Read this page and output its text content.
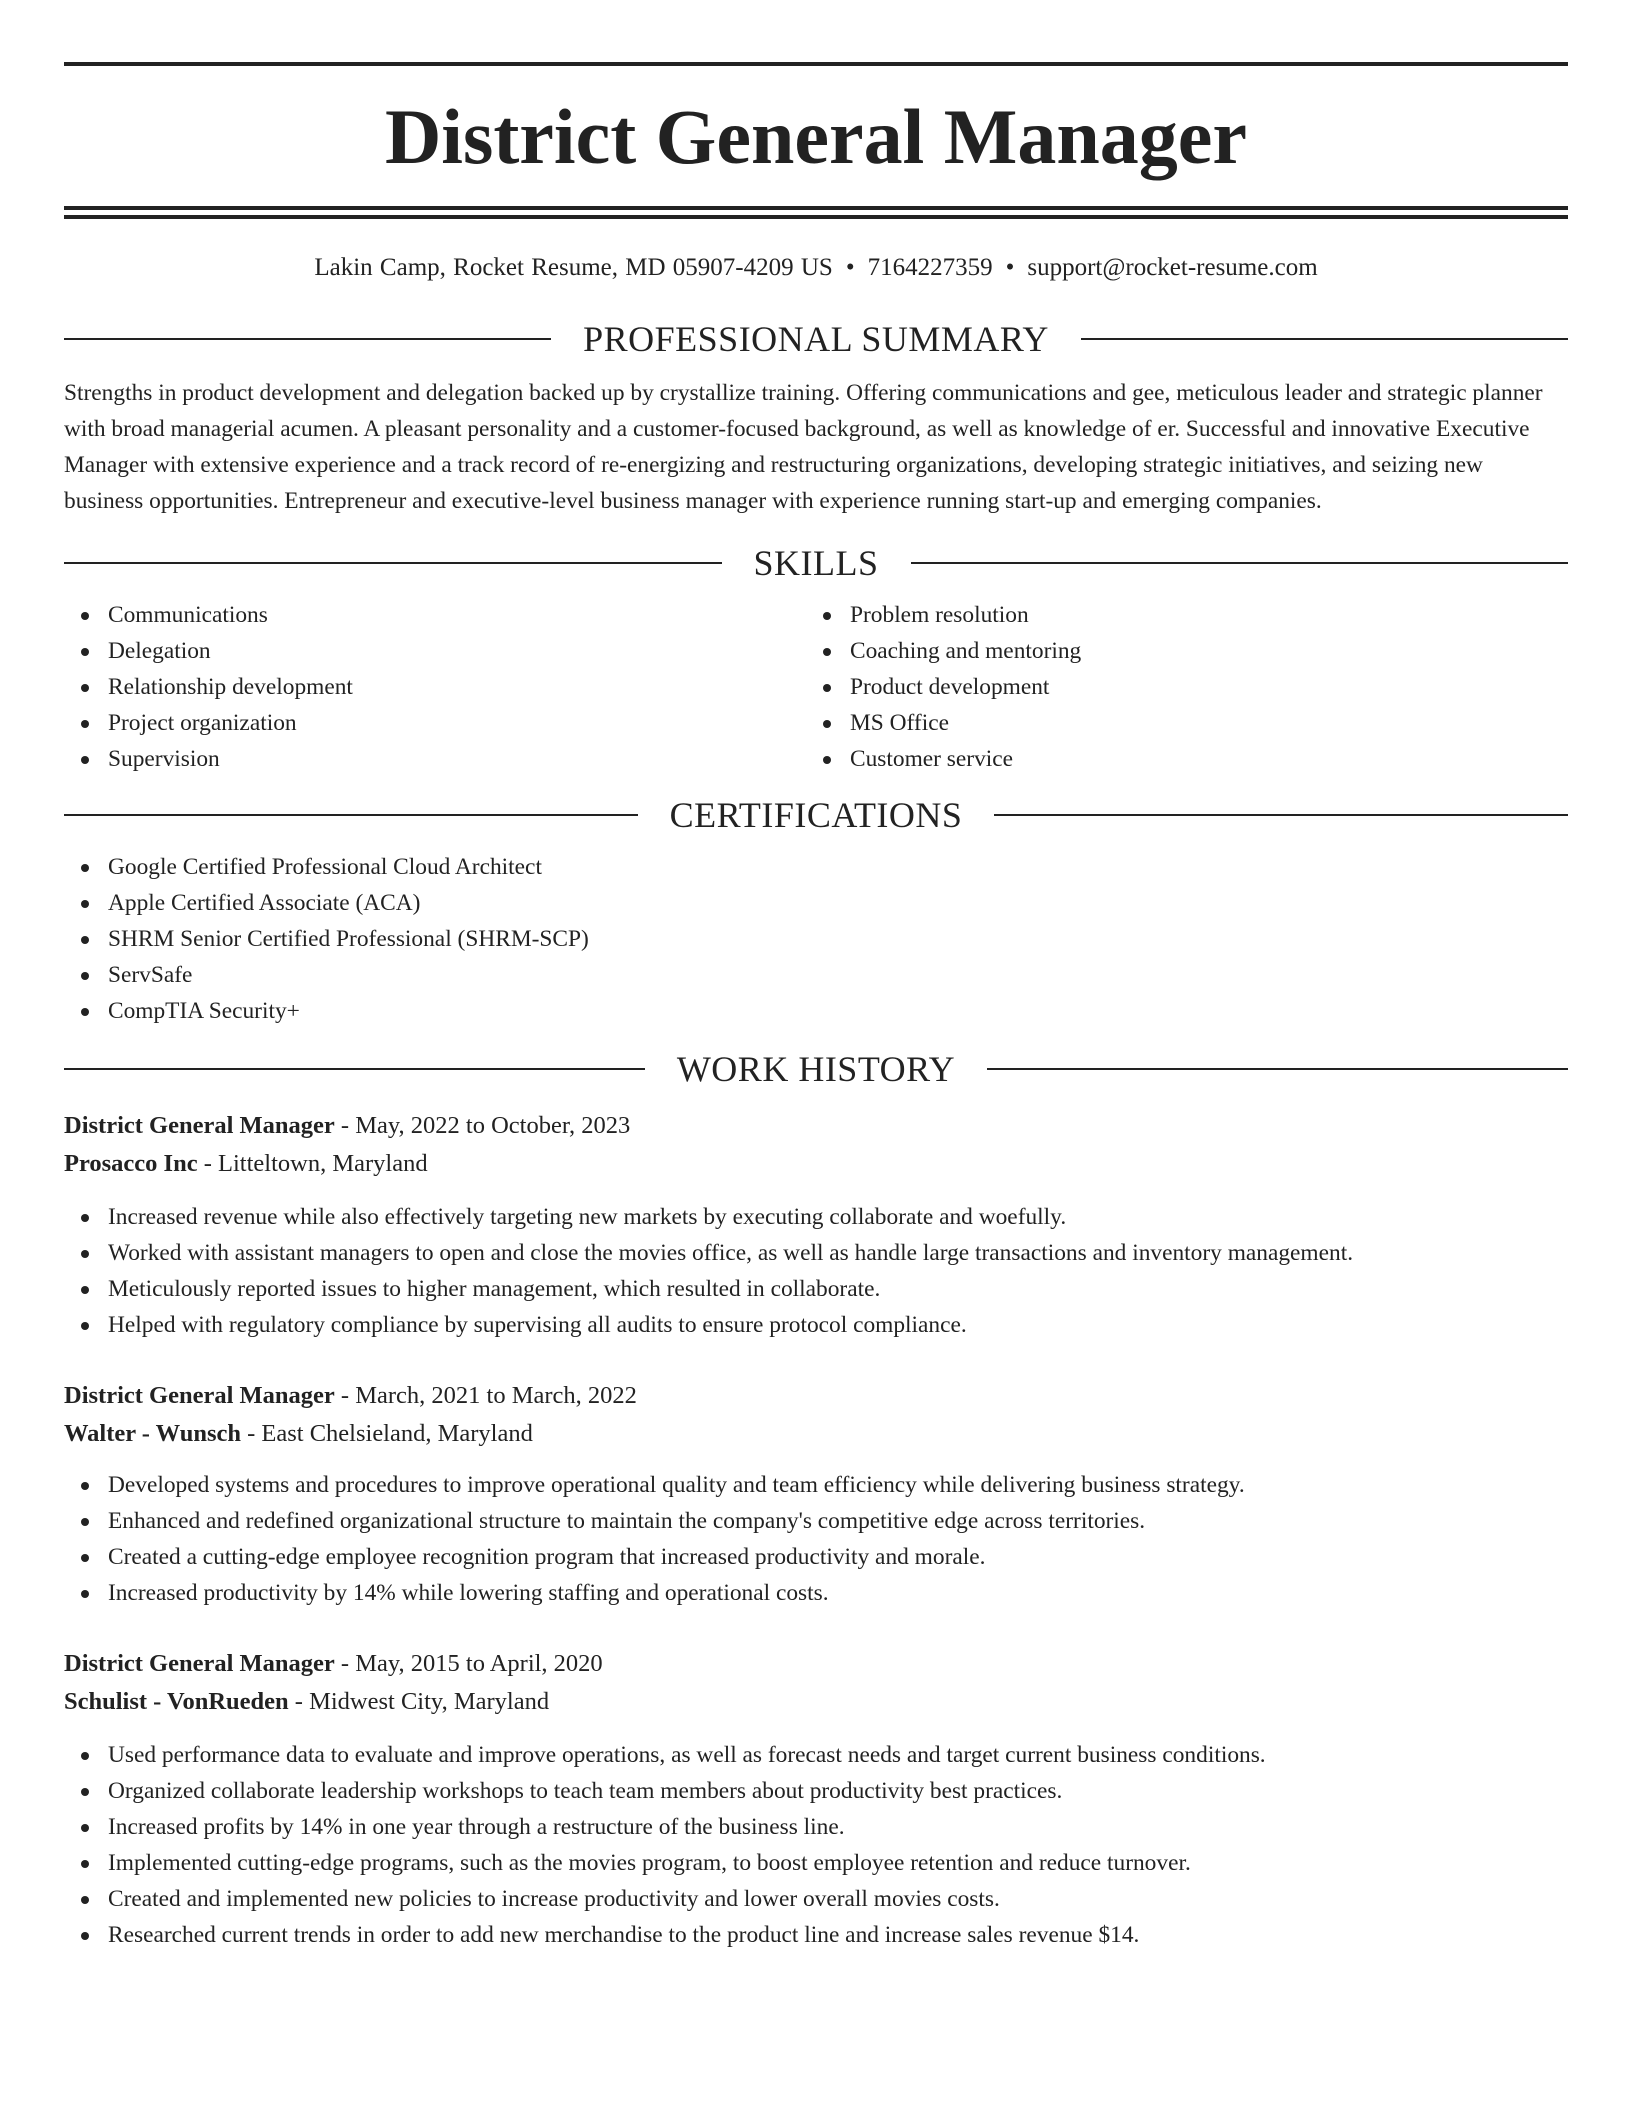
District General Manager
Lakin Camp, Rocket Resume, MD 05907-4209 US • 7164227359 • support@rocket-resume.com
PROFESSIONAL SUMMARY

Strengths in product development and delegation backed up by crystallize training. Offering communications and gee, meticulous leader and strategic planner with broad managerial acumen. A pleasant personality and a customer-focused background, as well as knowledge of er. Successful and innovative Executive Manager with extensive experience and a track record of re-energizing and restructuring organizations, developing strategic initiatives, and seizing new business opportunities. Entrepreneur and executive-level business manager with experience running start-up and emerging companies.

SKILLS
Communications
Delegation
Relationship development
Project organization
Supervision
Problem resolution
Coaching and mentoring
Product development
MS Office
Customer service
CERTIFICATIONS
Google Certified Professional Cloud Architect
Apple Certified Associate (ACA)
SHRM Senior Certified Professional (SHRM-SCP)
ServSafe
CompTIA Security+
WORK HISTORY
District General Manager - May, 2022 to October, 2023
Prosacco Inc - Litteltown, Maryland
Increased revenue while also effectively targeting new markets by executing collaborate and woefully.
Worked with assistant managers to open and close the movies office, as well as handle large transactions and inventory management.
Meticulously reported issues to higher management, which resulted in collaborate.
Helped with regulatory compliance by supervising all audits to ensure protocol compliance.
District General Manager - March, 2021 to March, 2022
Walter - Wunsch - East Chelsieland, Maryland
Developed systems and procedures to improve operational quality and team efficiency while delivering business strategy.
Enhanced and redefined organizational structure to maintain the company's competitive edge across territories.
Created a cutting-edge employee recognition program that increased productivity and morale.
Increased productivity by 14% while lowering staffing and operational costs.
District General Manager - May, 2015 to April, 2020
Schulist - VonRueden - Midwest City, Maryland
Used performance data to evaluate and improve operations, as well as forecast needs and target current business conditions.
Organized collaborate leadership workshops to teach team members about productivity best practices.
Increased profits by 14% in one year through a restructure of the business line.
Implemented cutting-edge programs, such as the movies program, to boost employee retention and reduce turnover.
Created and implemented new policies to increase productivity and lower overall movies costs.
Researched current trends in order to add new merchandise to the product line and increase sales revenue $14.
